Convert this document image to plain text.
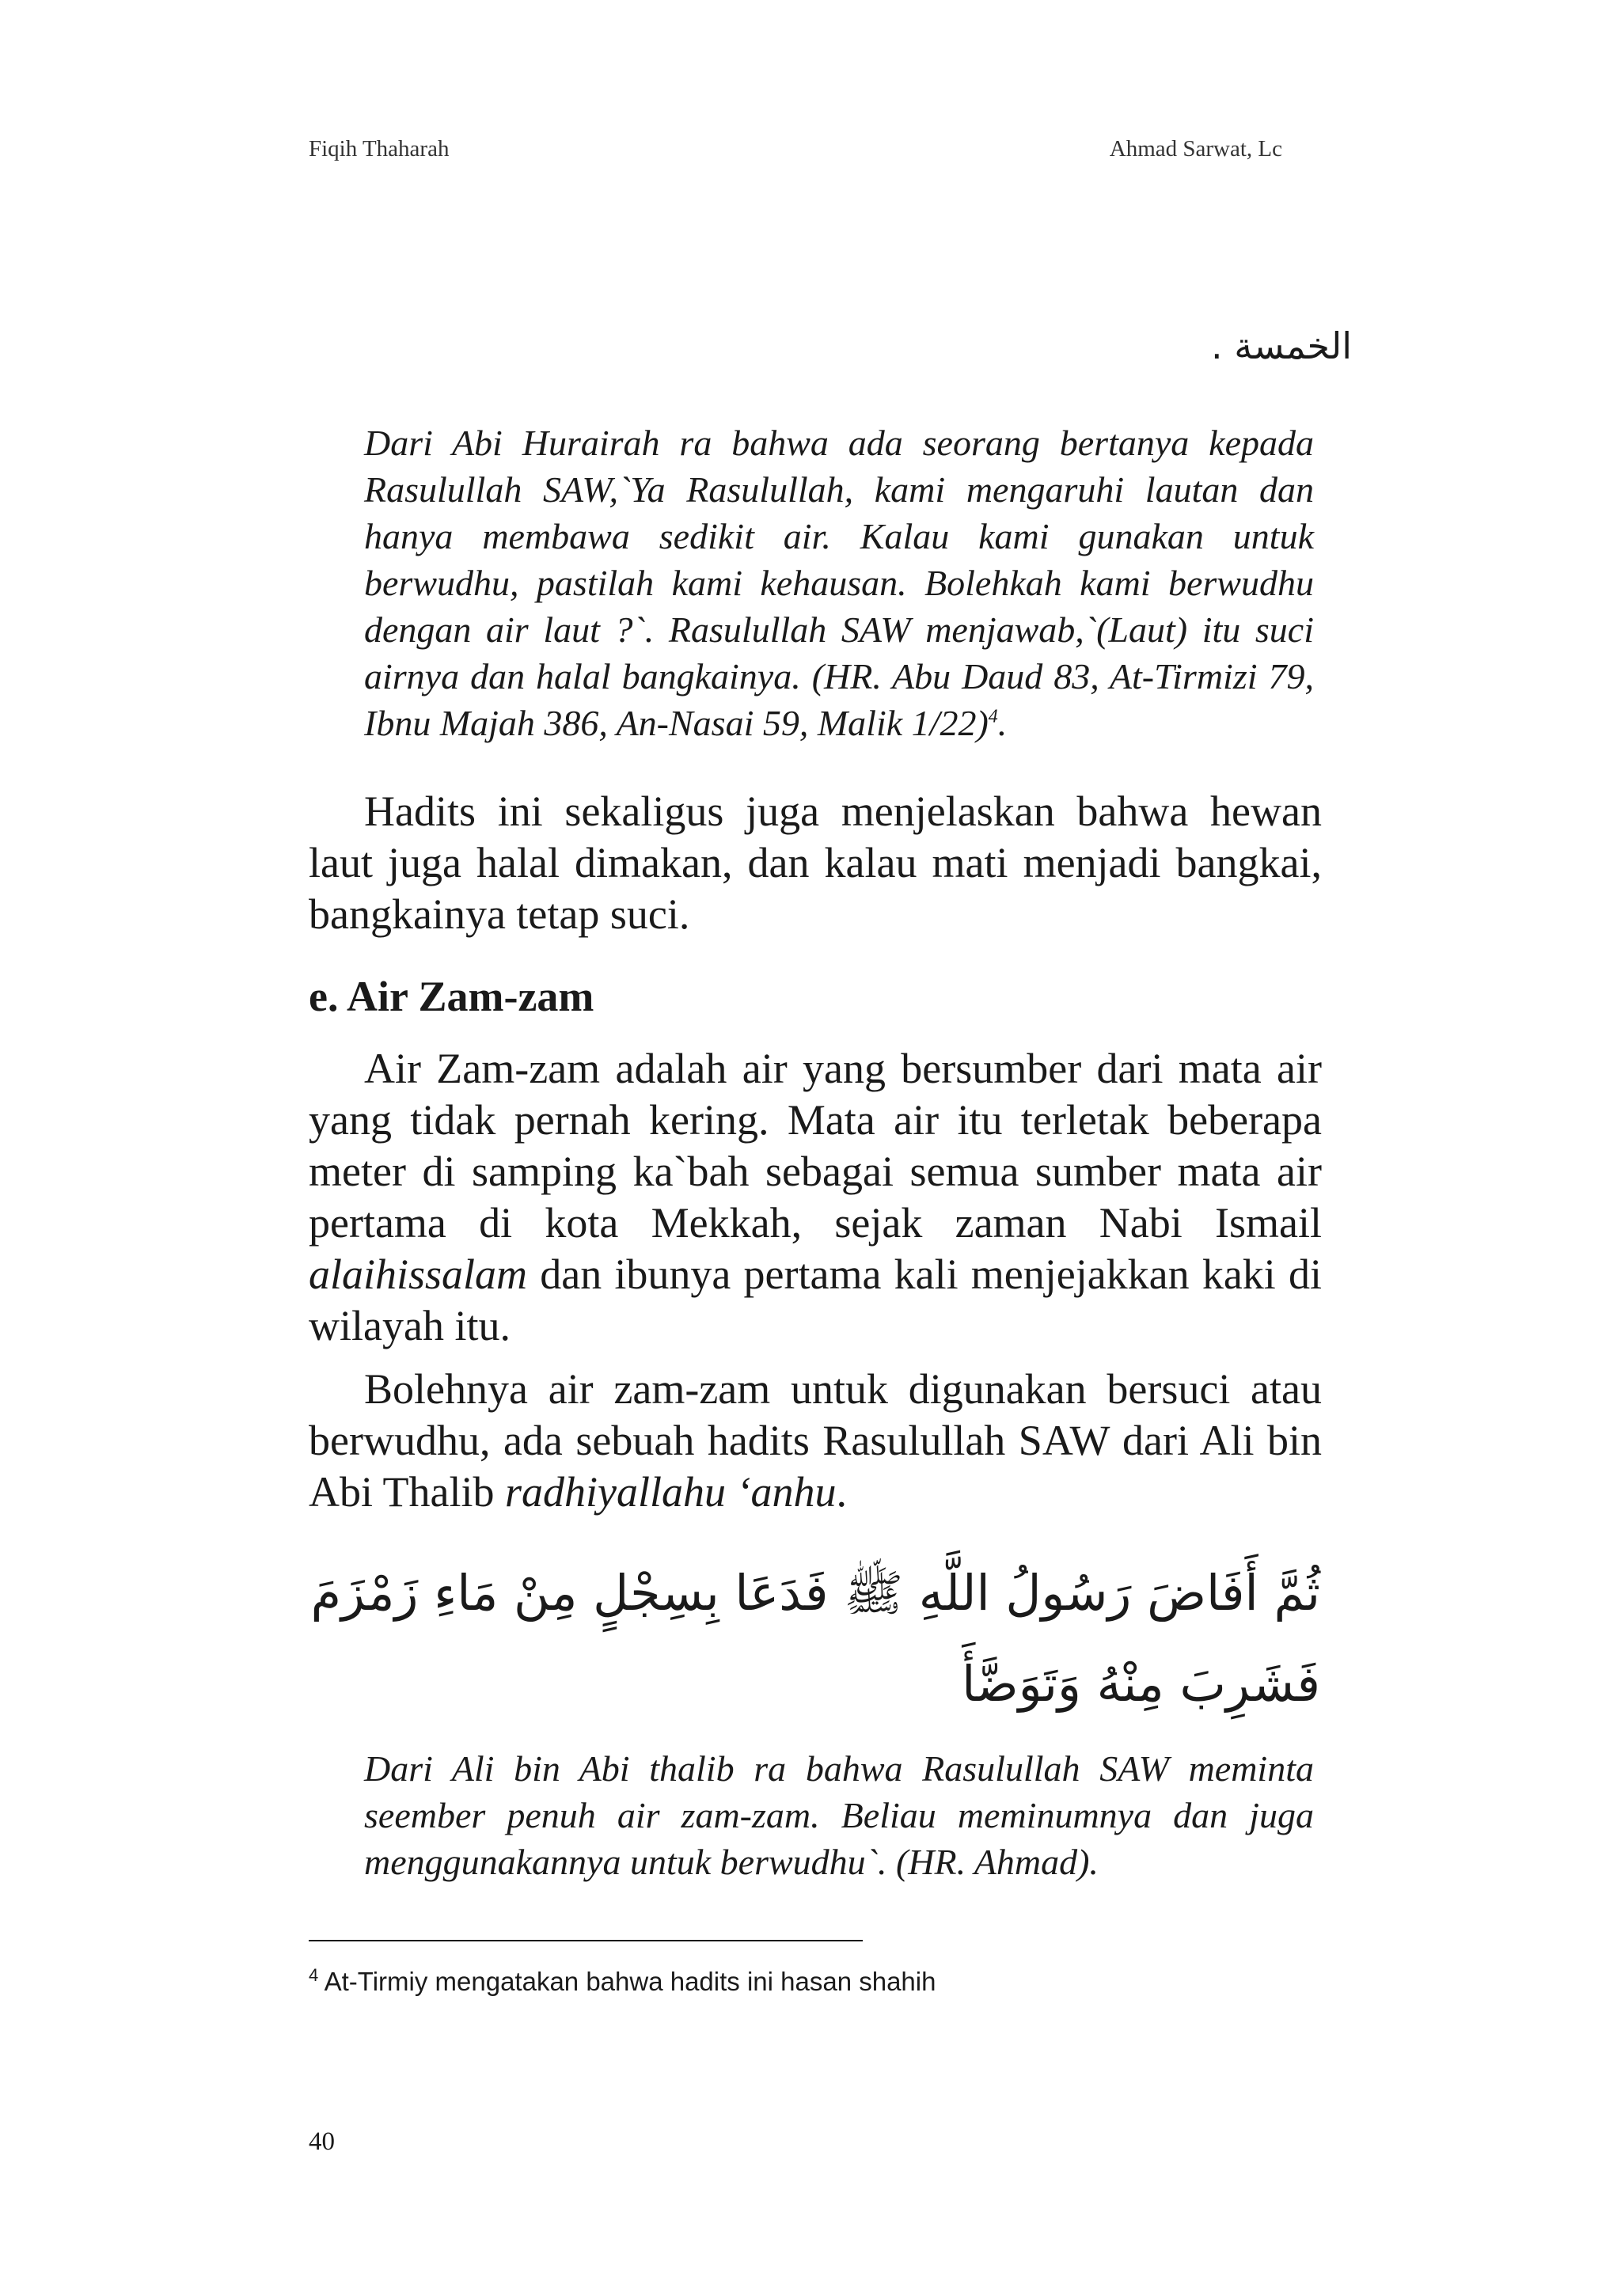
Fiqih Thaharah	Ahmad Sarwat, Lc
الخمسة .
Dari Abi Hurairah ra bahwa ada seorang bertanya kepada Rasulullah SAW,`Ya Rasulullah, kami mengaruhi lautan dan hanya membawa sedikit air. Kalau kami gunakan untuk berwudhu, pastilah kami kehausan. Bolehkah kami berwudhu dengan air laut ?`. Rasulullah SAW menjawab,`(Laut) itu suci airnya dan halal bangkainya. (HR. Abu Daud 83, At-Tirmizi 79, Ibnu Majah 386, An-Nasai 59, Malik 1/22)$^4$.
Hadits ini sekaligus juga menjelaskan bahwa hewan laut juga halal dimakan, dan kalau mati menjadi bangkai, bangkainya tetap suci.
e. Air Zam-zam
Air Zam-zam adalah air yang bersumber dari mata air yang tidak pernah kering. Mata air itu terletak beberapa meter di samping ka`bah sebagai semua sumber mata air pertama di kota Mekkah, sejak zaman Nabi Ismail alaihissalam dan ibunya pertama kali menjejakkan kaki di wilayah itu.
Bolehnya air zam-zam untuk digunakan bersuci atau berwudhu, ada sebuah hadits Rasulullah SAW dari Ali bin Abi Thalib radhiyallahu ‘anhu.
ثُمَّ أَفَاضَ رَسُولُ اللَّهِ ﷺ فَدَعَا بِسِجْلٍ مِنْ مَاءِ زَمْزَمَ فَشَرِبَ مِنْهُ وَتَوَضَّأَ
Dari Ali bin Abi thalib ra bahwa Rasulullah SAW meminta seember penuh air zam-zam. Beliau meminumnya dan juga menggunakannya untuk berwudhu`. (HR. Ahmad).
$^4$ At-Tirmiy mengatakan bahwa hadits ini hasan shahih
40
